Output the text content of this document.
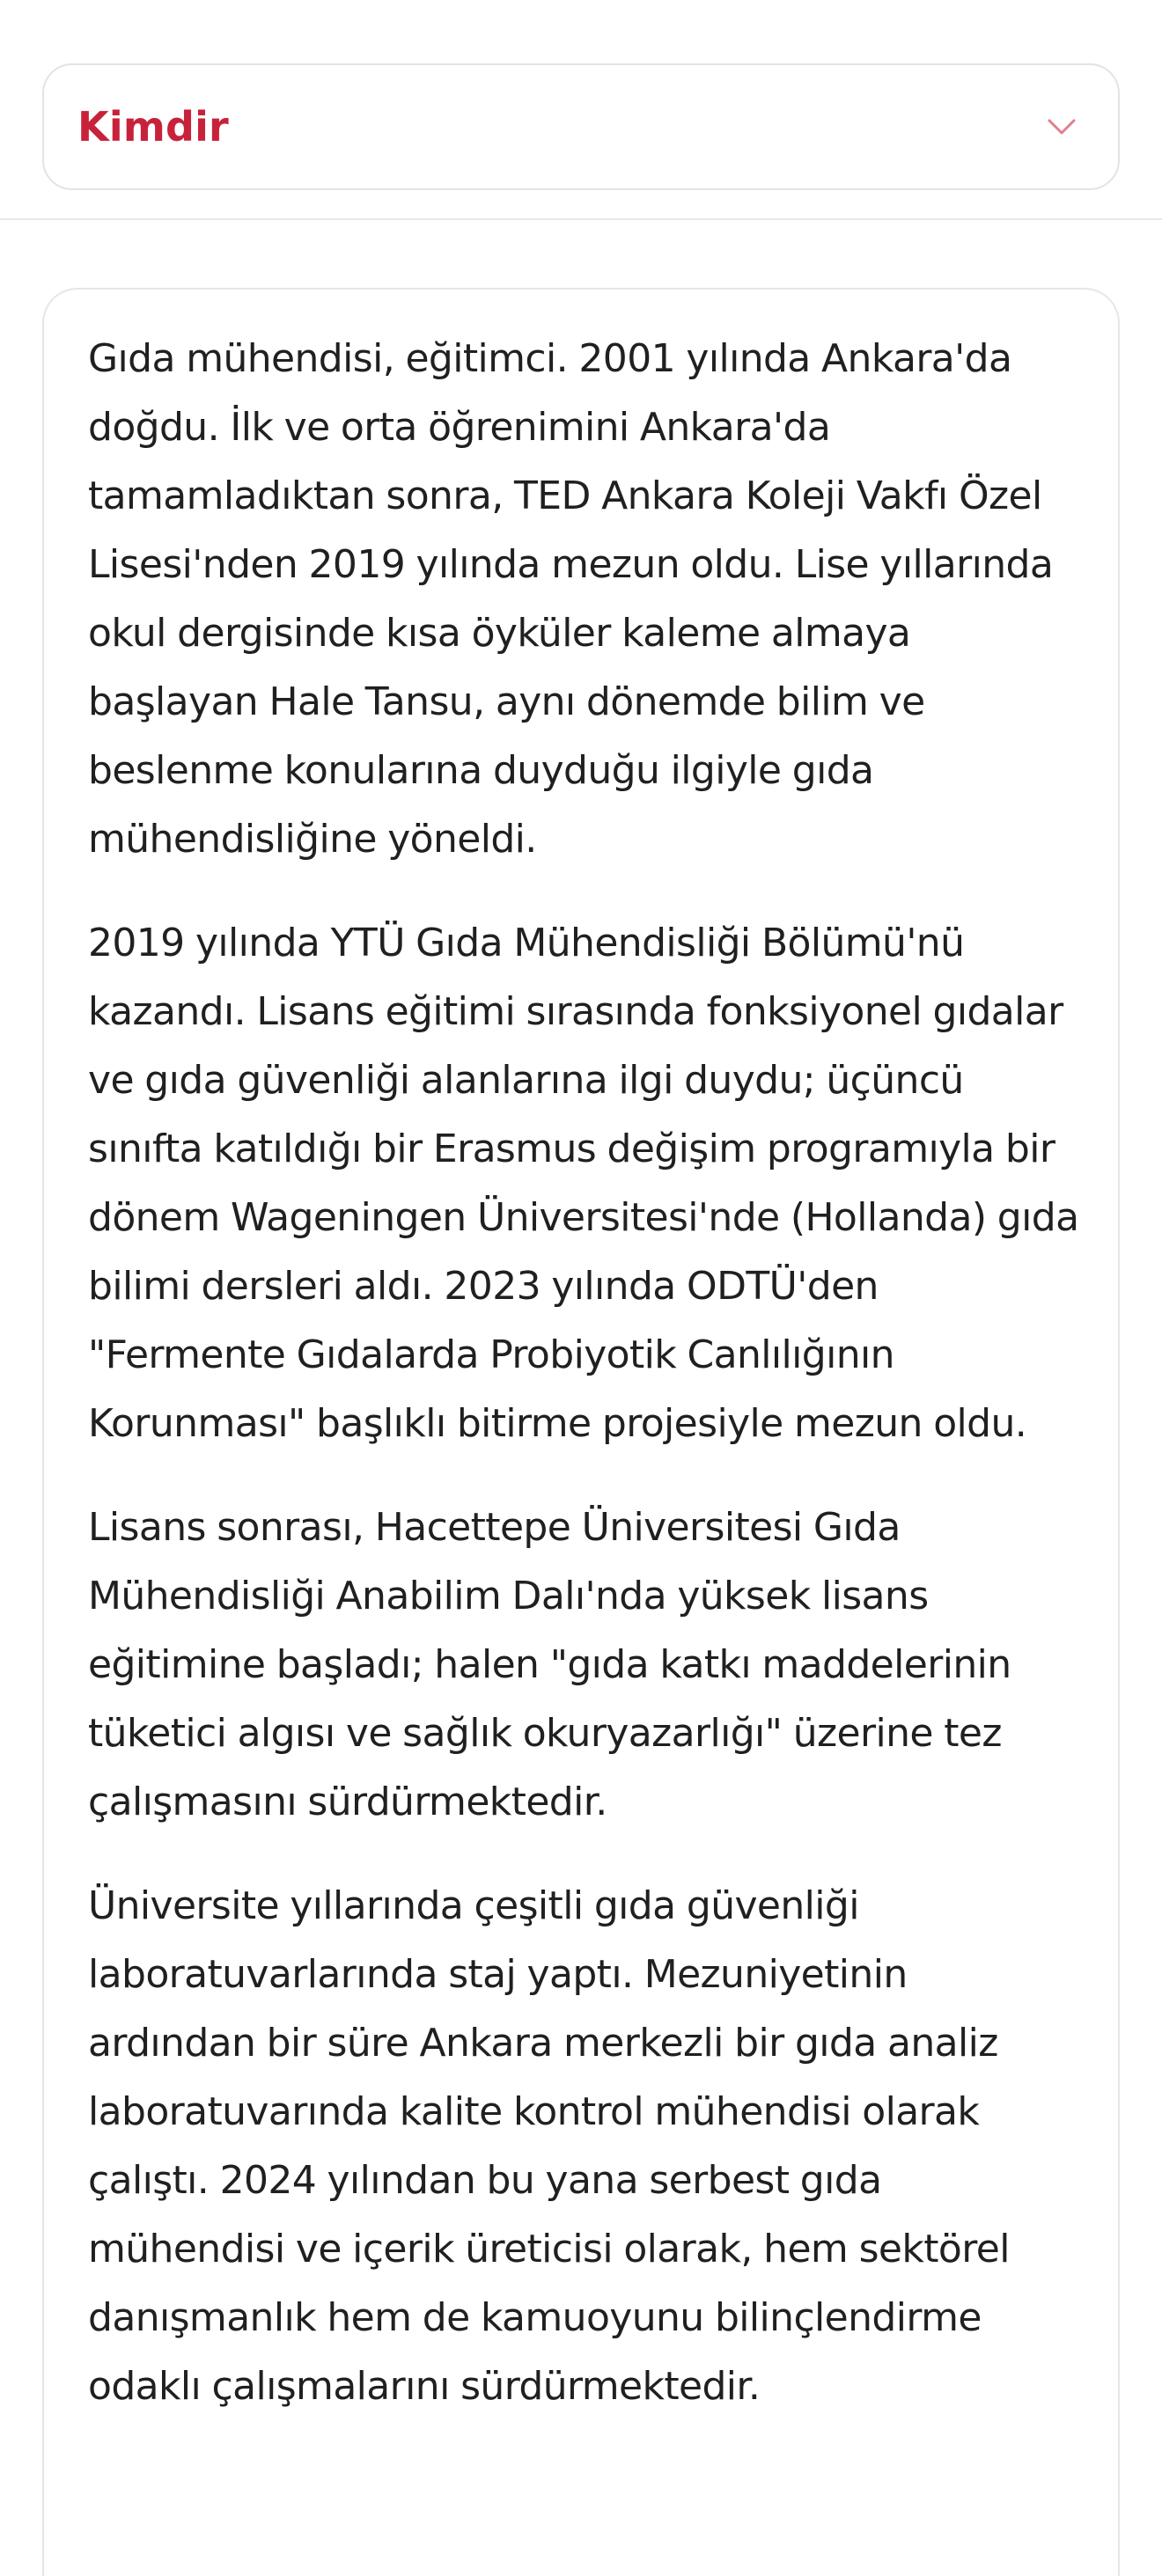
Kimdir

Gıda mühendisi, eğitimci. 2001 yılında Ankara'da doğdu. İlk ve orta öğrenimini Ankara'da tamamladıktan sonra, TED Ankara Koleji Vakfı Özel Lisesi'nden 2019 yılında mezun oldu. Lise yıllarında okul dergisinde kısa öyküler kaleme almaya başlayan Hale Tansu, aynı dönemde bilim ve beslenme konularına duyduğu ilgiyle gıda mühendisliğine yöneldi.

2019 yılında YTÜ Gıda Mühendisliği Bölümü'nü kazandı. Lisans eğitimi sırasında fonksiyonel gıdalar ve gıda güvenliği alanlarına ilgi duydu; üçüncü sınıfta katıldığı bir Erasmus değişim programıyla bir dönem Wageningen Üniversitesi'nde (Hollanda) gıda bilimi dersleri aldı. 2023 yılında ODTÜ'den "Fermente Gıdalarda Probiyotik Canlılığının Korunması" başlıklı bitirme projesiyle mezun oldu.

Lisans sonrası, Hacettepe Üniversitesi Gıda Mühendisliği Anabilim Dalı'nda yüksek lisans eğitimine başladı; halen "gıda katkı maddelerinin tüketici algısı ve sağlık okuryazarlığı" üzerine tez çalışmasını sürdürmektedir.

Üniversite yıllarında çeşitli gıda güvenliği laboratuvarlarında staj yaptı. Mezuniyetinin ardından bir süre Ankara merkezli bir gıda analiz laboratuvarında kalite kontrol mühendisi olarak çalıştı. 2024 yılından bu yana serbest gıda mühendisi ve içerik üreticisi olarak, hem sektörel danışmanlık hem de kamuoyunu bilinçlendirme odaklı çalışmalarını sürdürmektedir.
